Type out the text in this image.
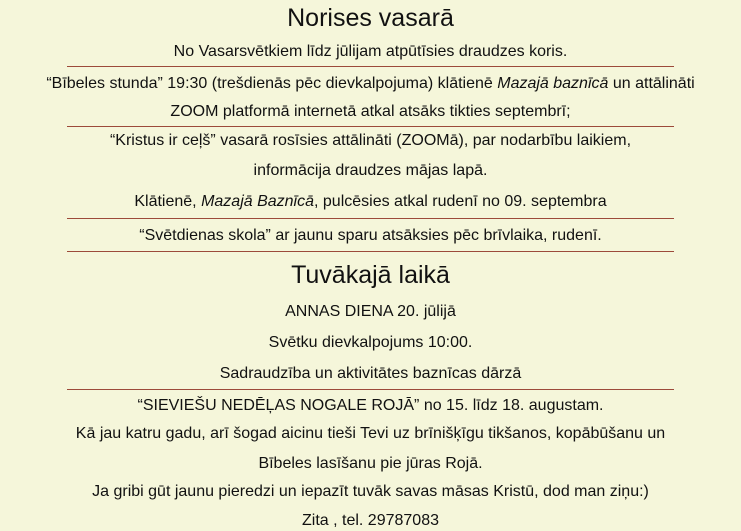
Norises vasarā
No Vasarsvētkiem līdz jūlijam atpūtīsies draudzes koris.
“Bībeles stunda” 19:30 (trešdienās pēc dievkalpojuma) klātienē Mazajā baznīcā un attālināti
ZOOM platformā internetā atkal atsāks tikties septembrī;
“Kristus ir ceļš” vasarā rosīsies attālināti (ZOOMā), par nodarbību laikiem,
informācija draudzes mājas lapā.
Klātienē, Mazajā Baznīcā, pulcēsies atkal rudenī no 09. septembra
“Svētdienas skola” ar jaunu sparu atsāksies pēc brīvlaika, rudenī.
Tuvākajā laikā
ANNAS DIENA 20. jūlijā
Svētku dievkalpojums 10:00.
Sadraudzība un aktivitātes baznīcas dārzā
“SIEVIEŠU NEDĒĻAS NOGALE ROJĀ” no 15. līdz 18. augustam.
Kā jau katru gadu, arī šogad aicinu tieši Tevi uz brīnišķīgu tikšanos, kopābūšanu un
Bībeles lasīšanu pie jūras Rojā.
Ja gribi gūt jaunu pieredzi un iepazīt tuvāk savas māsas Kristū, dod man ziņu:)
Zita , tel. 29787083
